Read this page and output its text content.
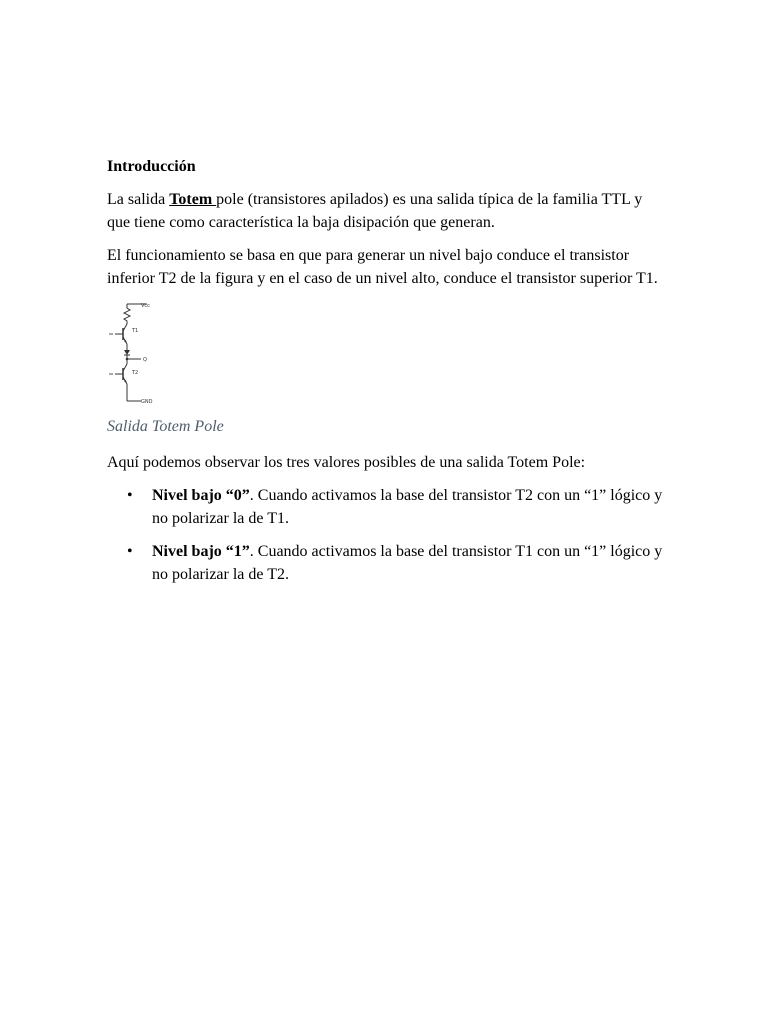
Introducción

La salida Totem pole (transistores apilados) es una salida típica de la familia TTL y que tiene como característica la baja disipación que generan.

El funcionamiento se basa en que para generar un nivel bajo conduce el transistor inferior T2 de la figura y en el caso de un nivel alto, conduce el transistor superior T1.

Vcc
T1
Q
T2
GND
Salida Totem Pole

Aquí podemos observar los tres valores posibles de una salida Totem Pole:

• Nivel bajo “0”. Cuando activamos la base del transistor T2 con un “1” lógico y no polarizar la de T1.
• Nivel bajo “1”. Cuando activamos la base del transistor T1 con un “1” lógico y no polarizar la de T2.
